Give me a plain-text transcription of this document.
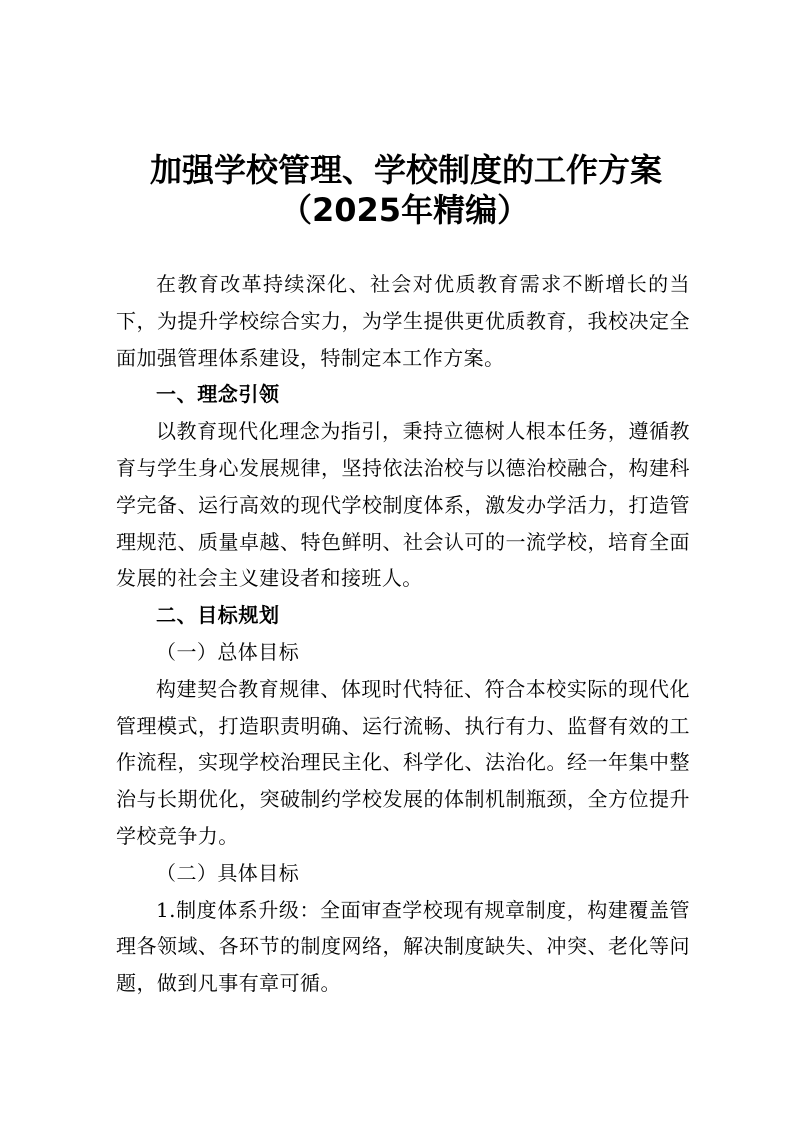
加强学校管理、学校制度的工作方案
（2025年精编）

在教育改革持续深化、社会对优质教育需求不断增长的当下，为提升学校综合实力，为学生提供更优质教育，我校决定全面加强管理体系建设，特制定本工作方案。

一、理念引领

以教育现代化理念为指引，秉持立德树人根本任务，遵循教育与学生身心发展规律，坚持依法治校与以德治校融合，构建科学完备、运行高效的现代学校制度体系，激发办学活力，打造管理规范、质量卓越、特色鲜明、社会认可的一流学校，培育全面发展的社会主义建设者和接班人。

二、目标规划

（一）总体目标

构建契合教育规律、体现时代特征、符合本校实际的现代化管理模式，打造职责明确、运行流畅、执行有力、监督有效的工作流程，实现学校治理民主化、科学化、法治化。经一年集中整治与长期优化，突破制约学校发展的体制机制瓶颈，全方位提升学校竞争力。

（二）具体目标

1.制度体系升级：全面审查学校现有规章制度，构建覆盖管理各领域、各环节的制度网络，解决制度缺失、冲突、老化等问题，做到凡事有章可循。
